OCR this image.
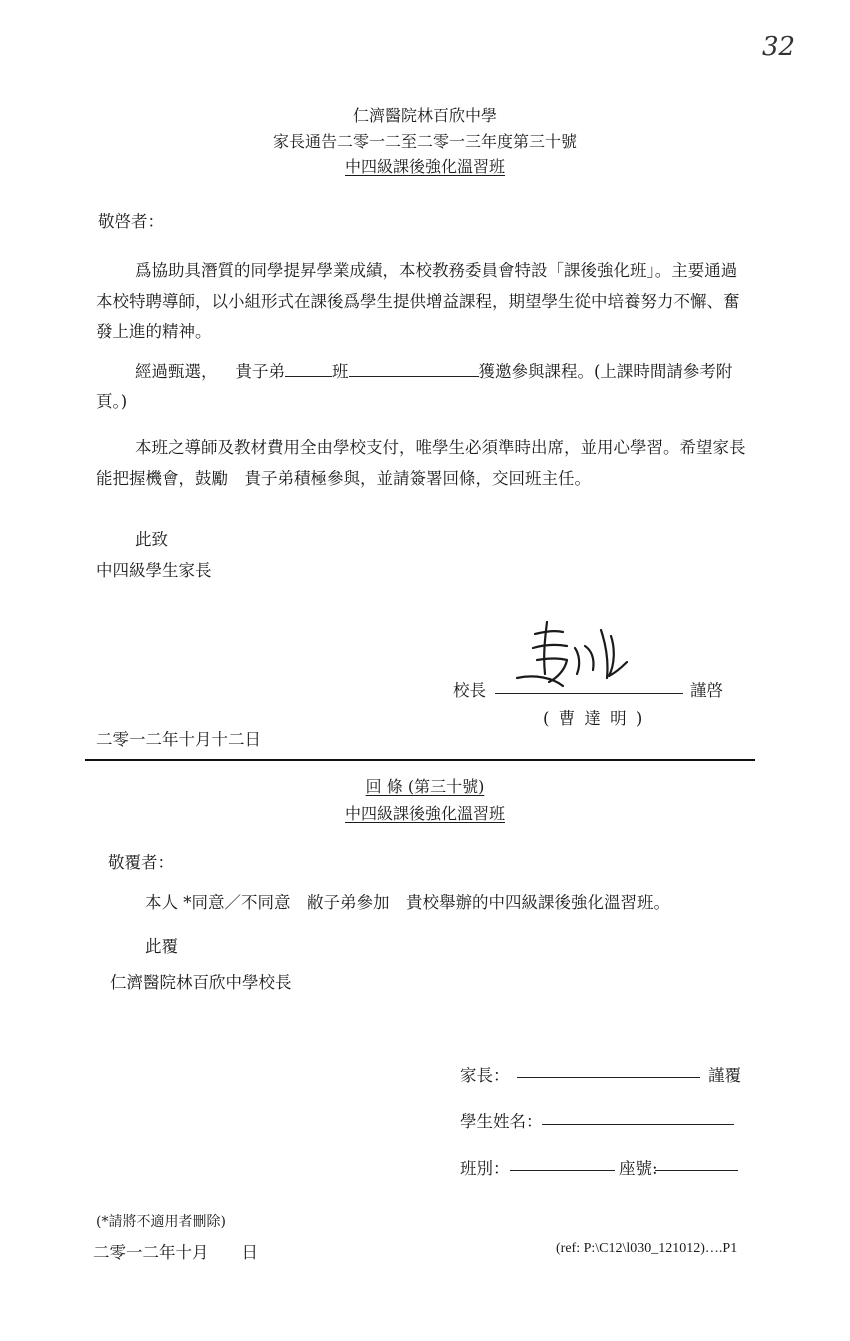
32
仁濟醫院林百欣中學
家長通告二零一二至二零一三年度第三十號
中四級課後強化溫習班
敬啓者：
爲協助具潛質的同學提昇學業成績，本校教務委員會特設「課後強化班」。主要通過
本校特聘導師，以小組形式在課後爲學生提供增益課程，期望學生從中培養努力不懈、奮
發上進的精神。
經過甄選， 貴子弟	班	獲邀參與課程。(上課時間請參考附
頁。)
本班之導師及教材費用全由學校支付，唯學生必須準時出席，並用心學習。希望家長
能把握機會，鼓勵　貴子弟積極參與，並請簽署回條，交回班主任。
此致
中四級學生家長
校長	謹啓
( 曹 達 明 )
二零一二年十月十二日
回 條 (第三十號)
中四級課後強化溫習班
敬覆者：
本人 *同意／不同意　敝子弟參加　貴校舉辦的中四級課後強化溫習班。
此覆
仁濟醫院林百欣中學校長
家長：	謹覆
學生姓名：
班別：	座號:
(*請將不適用者刪除)
二零一二年十月　　日	(ref: P:\C12\l030_121012)….P1
